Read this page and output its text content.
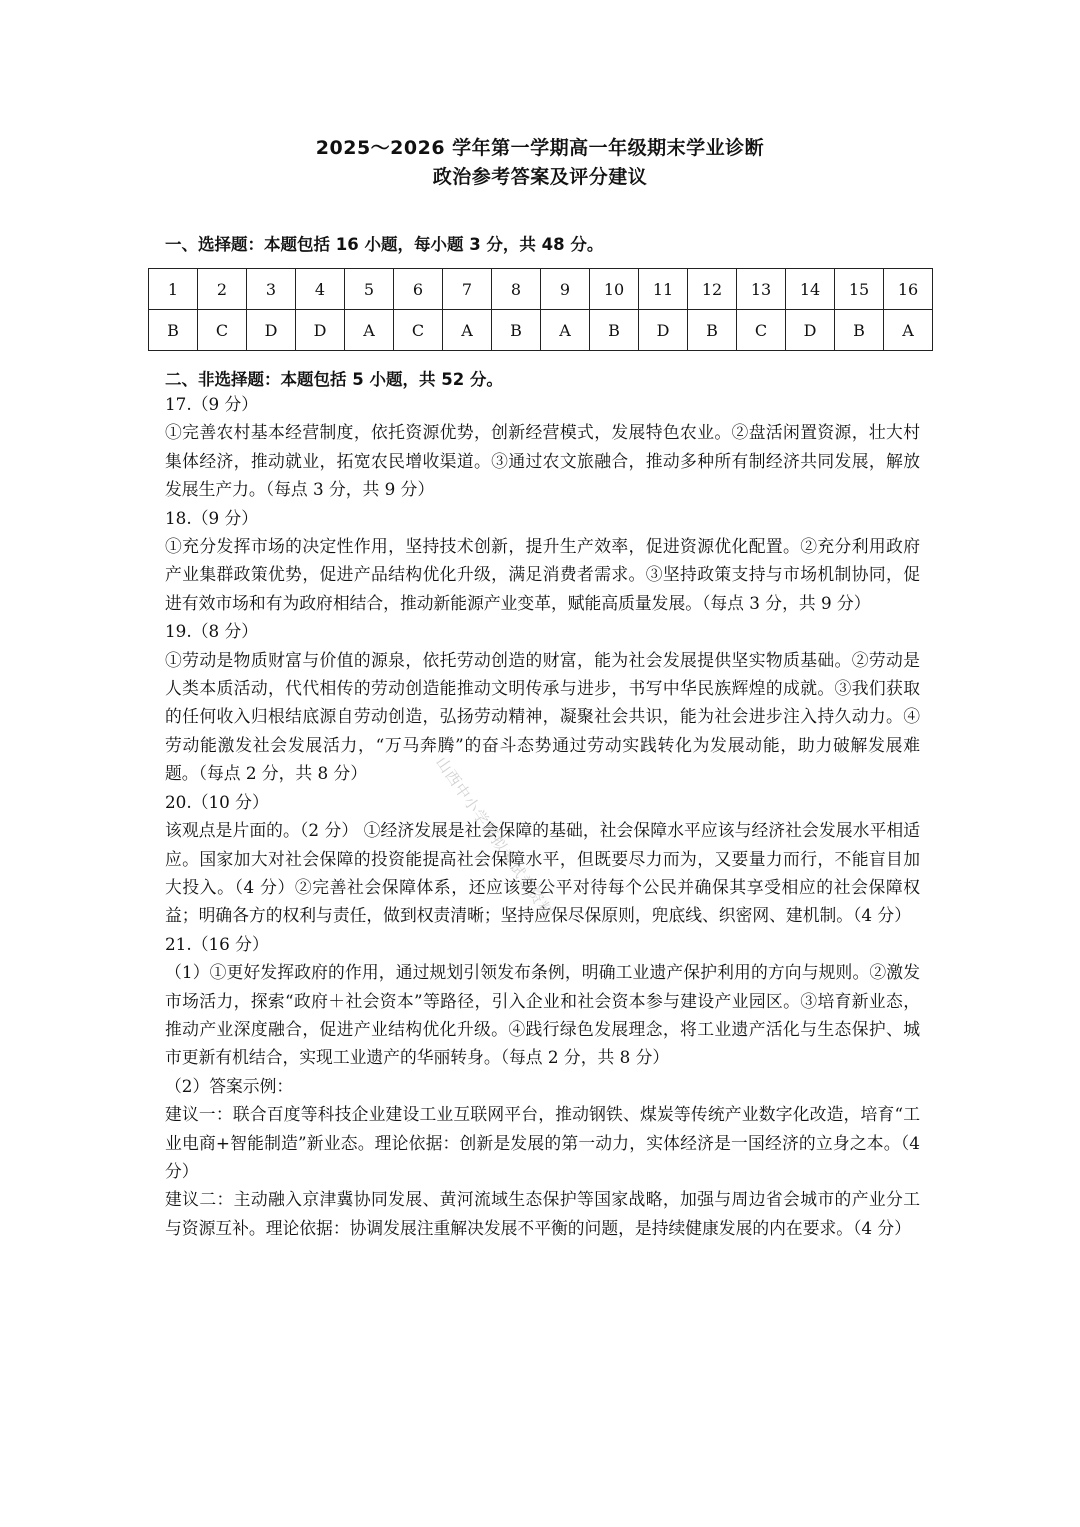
2025～2026 学年第一学期高一年级期末学业诊断
政治参考答案及评分建议
一、选择题：本题包括 16 小题，每小题 3 分，共 48 分。
1	2	3	4	5	6	7	8	9	10	11	12	13	14	15	16
B	C	D	D	A	C	A	B	A	B	D	B	C	D	B	A
二、非选择题：本题包括 5 小题，共 52 分。

17.（9 分）

①完善农村基本经营制度，依托资源优势，创新经营模式，发展特色农业。②盘活闲置资源，壮大村集体经济，推动就业，拓宽农民增收渠道。③通过农文旅融合，推动多种所有制经济共同发展，解放发展生产力。（每点 3 分，共 9 分）

18.（9 分）

①充分发挥市场的决定性作用，坚持技术创新，提升生产效率，促进资源优化配置。②充分利用政府产业集群政策优势，促进产品结构优化升级，满足消费者需求。③坚持政策支持与市场机制协同，促进有效市场和有为政府相结合，推动新能源产业变革，赋能高质量发展。（每点 3 分，共 9 分）

19.（8 分）

①劳动是物质财富与价值的源泉，依托劳动创造的财富，能为社会发展提供坚实物质基础。②劳动是人类本质活动，代代相传的劳动创造能推动文明传承与进步，书写中华民族辉煌的成就。③我们获取的任何收入归根结底源自劳动创造，弘扬劳动精神，凝聚社会共识，能为社会进步注入持久动力。④劳动能激发社会发展活力，“万马奔腾”的奋斗态势通过劳动实践转化为发展动能，助力破解发展难题。（每点 2 分，共 8 分）

20.（10 分）

该观点是片面的。（2 分） ①经济发展是社会保障的基础，社会保障水平应该与经济社会发展水平相适应。国家加大对社会保障的投资能提高社会保障水平，但既要尽力而为，又要量力而行，不能盲目加大投入。（4 分）②完善社会保障体系，还应该要公平对待每个公民并确保其享受相应的社会保障权益；明确各方的权利与责任，做到权责清晰；坚持应保尽保原则，兜底线、织密网、建机制。（4 分）

21.（16 分）

（1）①更好发挥政府的作用，通过规划引领发布条例，明确工业遗产保护利用的方向与规则。②激发市场活力，探索“政府＋社会资本”等路径，引入企业和社会资本参与建设产业园区。③培育新业态，推动产业深度融合，促进产业结构优化升级。④践行绿色发展理念，将工业遗产活化与生态保护、城市更新有机结合，实现工业遗产的华丽转身。（每点 2 分，共 8 分）

（2）答案示例：

建议一：联合百度等科技企业建设工业互联网平台，推动钢铁、煤炭等传统产业数字化改造，培育“工业电商+智能制造”新业态。理论依据：创新是发展的第一动力，实体经济是一国经济的立身之本。（4 分）

建议二：主动融入京津冀协同发展、黄河流域生态保护等国家战略，加强与周边省会城市的产业分工与资源互补。理论依据：协调发展注重解决发展不平衡的问题，是持续健康发展的内在要求。（4 分）

山西中小学模拟考试卷资料
